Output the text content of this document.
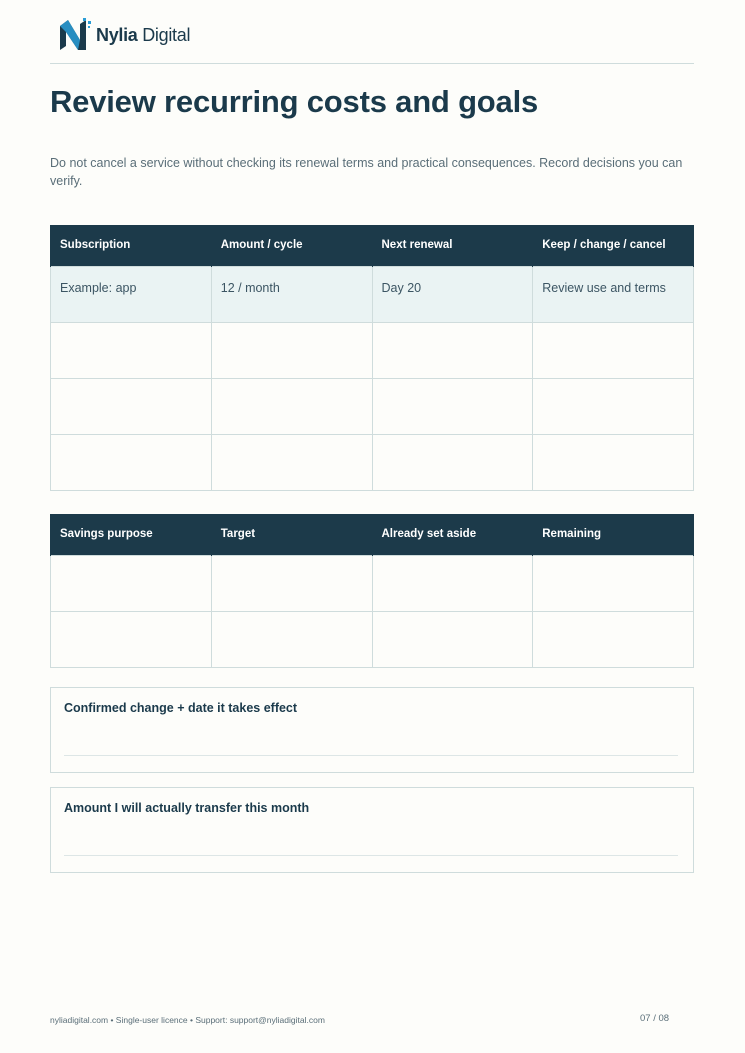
Nylia Digital
Review recurring costs and goals

Do not cancel a service without checking its renewal terms and practical consequences. Record decisions you can verify.

Subscription	Amount / cycle	Next renewal	Keep / change / cancel
Example: app	12 / month	Day 20	Review use and terms

Savings purpose	Target	Already set aside	Remaining

Confirmed change + date it takes effect
Amount I will actually transfer this month
nyliadigital.com • Single-user licence • Support: support@nyliadigital.com	07 / 08
